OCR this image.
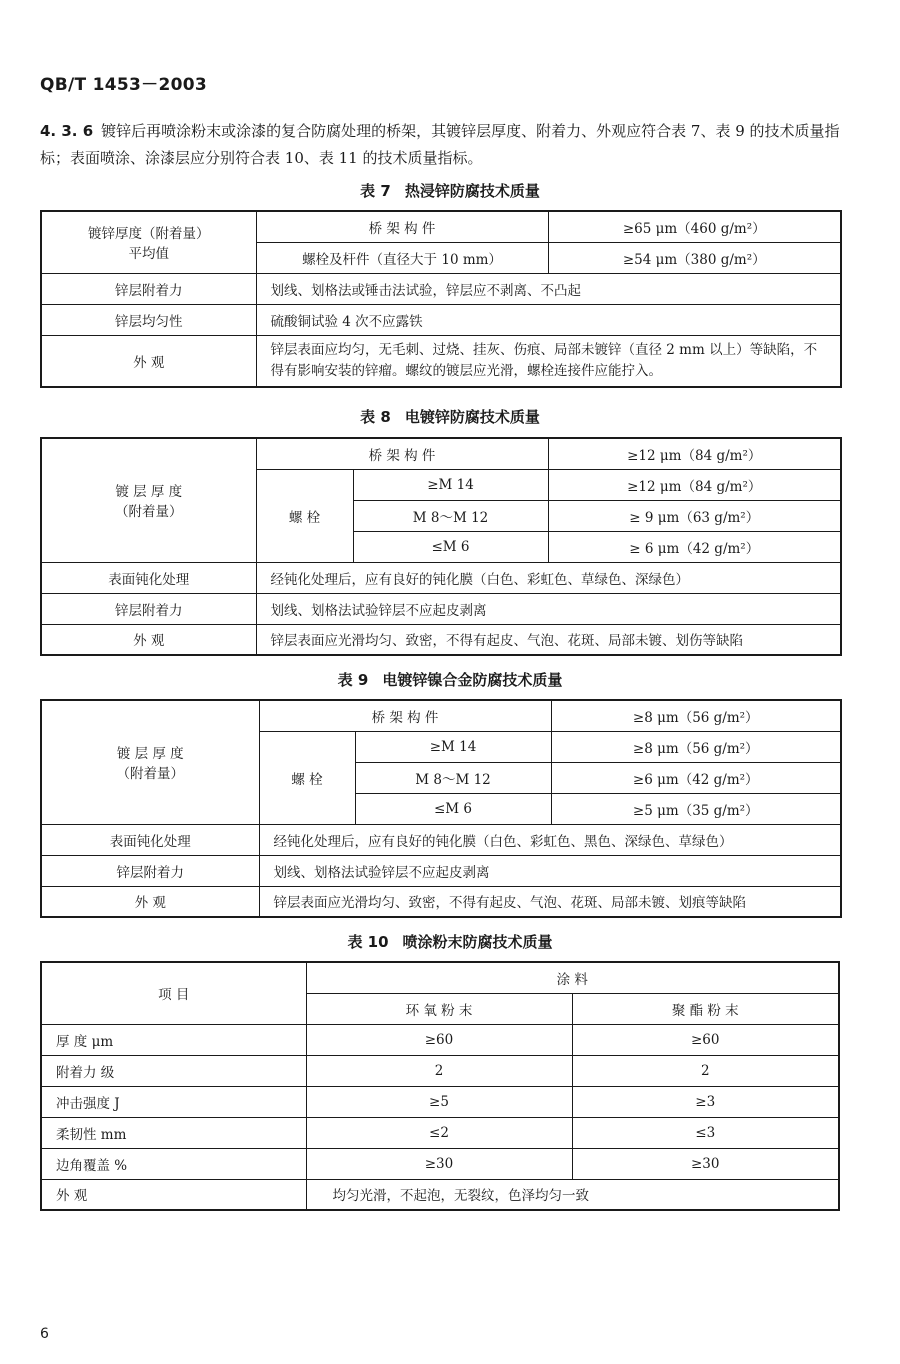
QB/T 1453－2003
4. 3. 6 镀锌后再喷涂粉末或涂漆的复合防腐处理的桥架，其镀锌层厚度、附着力、外观应符合表 7、表 9 的技术质量指标；表面喷涂、涂漆层应分别符合表 10、表 11 的技术质量指标。
表 7 热浸锌防腐技术质量
镀锌厚度（附着量）
平均值	桥 架 构 件	≥65 μm（460 g/m²）
	螺栓及杆件（直径大于 10 mm）	≥54 μm（380 g/m²）
锌层附着力	划线、划格法或锤击法试验，锌层应不剥离、不凸起	
锌层均匀性	硫酸铜试验 4 次不应露铁	
外 观	锌层表面应均匀，无毛刺、过烧、挂灰、伤痕、局部未镀锌（直径 2 mm 以上）等缺陷，不得有影响安装的锌瘤。螺纹的镀层应光滑，螺栓连接件应能拧入。	
表 8 电镀锌防腐技术质量
镀 层 厚 度
（附着量）	桥 架 构 件		≥12 μm（84 g/m²）
	螺 栓	≥M 14	≥12 μm（84 g/m²）
		M 8～M 12	≥ 9 μm（63 g/m²）
		≤M 6	≥ 6 μm（42 g/m²）
表面钝化处理	经钝化处理后，应有良好的钝化膜（白色、彩虹色、草绿色、深绿色）		
锌层附着力	划线、划格法试验锌层不应起皮剥离		
外 观	锌层表面应光滑均匀、致密，不得有起皮、气泡、花斑、局部未镀、划伤等缺陷		
表 9 电镀锌镍合金防腐技术质量
镀 层 厚 度
（附着量）	桥 架 构 件		≥8 μm（56 g/m²）
	螺 栓	≥M 14	≥8 μm（56 g/m²）
		M 8～M 12	≥6 μm（42 g/m²）
		≤M 6	≥5 μm（35 g/m²）
表面钝化处理	经钝化处理后，应有良好的钝化膜（白色、彩虹色、黑色、深绿色、草绿色）		
锌层附着力	划线、划格法试验锌层不应起皮剥离		
外 观	锌层表面应光滑均匀、致密，不得有起皮、气泡、花斑、局部未镀、划痕等缺陷		
表 10 喷涂粉末防腐技术质量
项 目	涂 料	
	环 氧 粉 末	聚 酯 粉 末
厚 度 μm	≥60	≥60
附着力 级	2	2
冲击强度 J	≥5	≥3
柔韧性 mm	≤2	≤3
边角覆盖 %	≥30	≥30
外 观	均匀光滑，不起泡，无裂纹，色泽均匀一致	
6
